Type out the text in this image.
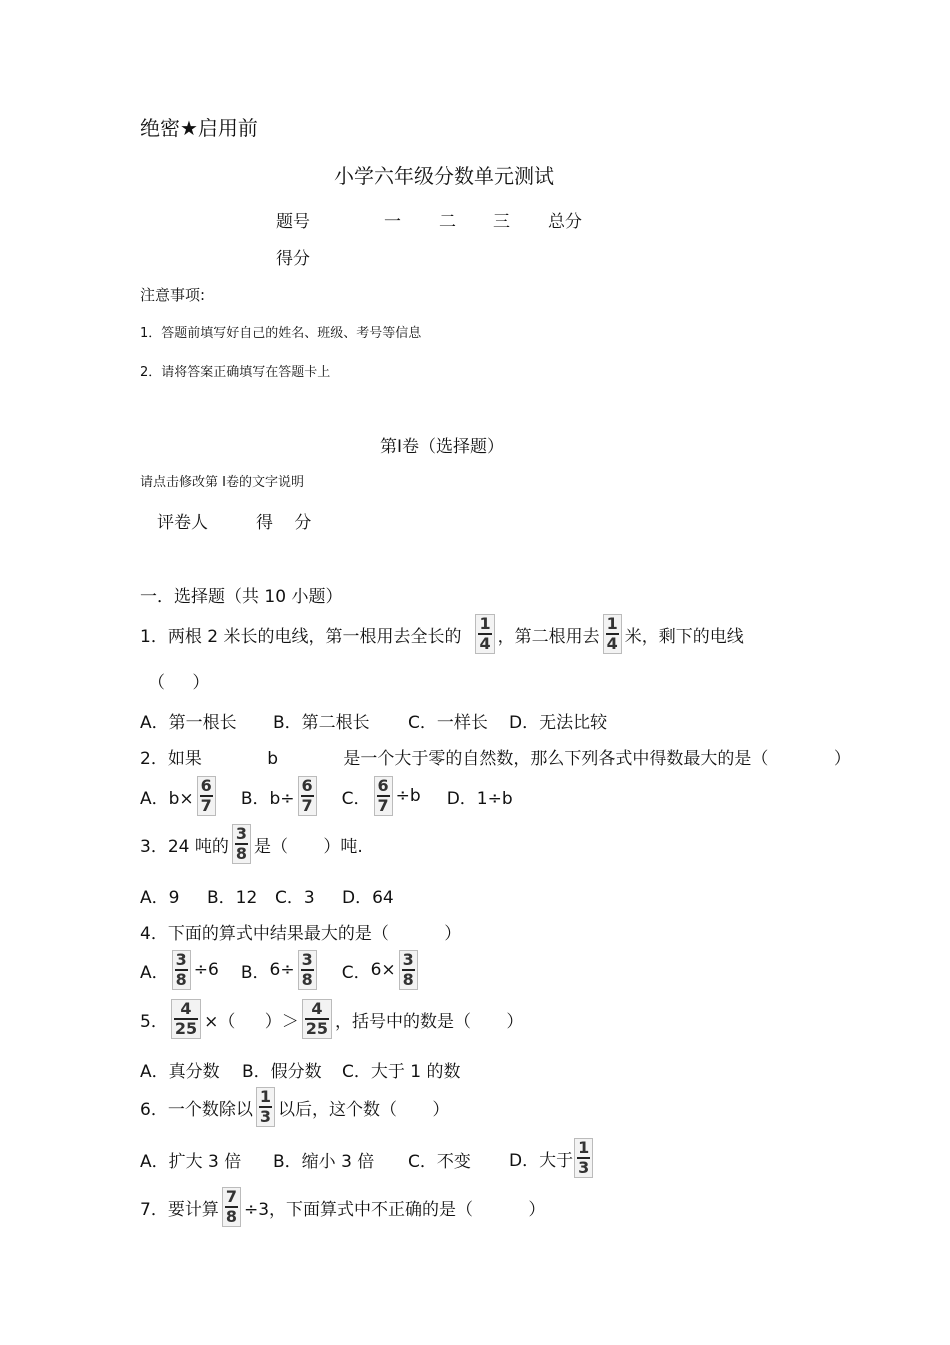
绝密★启用前
小学六年级分数单元测试
题号	一 二 三 总分
得分
注意事项:
1．答题前填写好自己的姓名、班级、考号等信息
2．请将答案正确填写在答题卡上
第Ⅰ卷（选择题）
请点击修改第 Ⅰ卷的文字说明
评卷人	得 分
一．选择题（共 10 小题）
1．两根 2 米长的电线，第一根用去全长的 $\frac{1}{4}$ ，第二根用去 $\frac{1}{4}$ 米，剩下的电线
（ ）
A．第一根长 B．第二根长 C．一样长 D．无法比较
2．如果 b 是一个大于零的自然数，那么下列各式中得数最大的是（ ）
A．$b\times \frac{6}{7}$ B．$b\div \frac{6}{7}$ C． $\frac{6}{7} \div b$ D．1÷b
3．24 吨的 $\frac{3}{8}$ 是（ ）吨.
A．9 B．12 C．3 D．64
4．下面的算式中结果最大的是（ ）
A． $\frac{3}{8} \div 6$ B． $6\div \frac{3}{8}$ C． $6\times \frac{3}{8}$
5． $\frac{4}{25}$ ×（ ）＞ $\frac{4}{25}$ ，括号中的数是（ ）
A．真分数 B．假分数 C．大于 1 的数
6．一个数除以 $\frac{1}{3}$ 以后，这个数（ ）
A．扩大 3 倍 B．缩小 3 倍 C．不变 D．大于 $\frac{1}{3}$
7．要计算 $\frac{7}{8} \div 3$，下面算式中不正确的是（ ）
